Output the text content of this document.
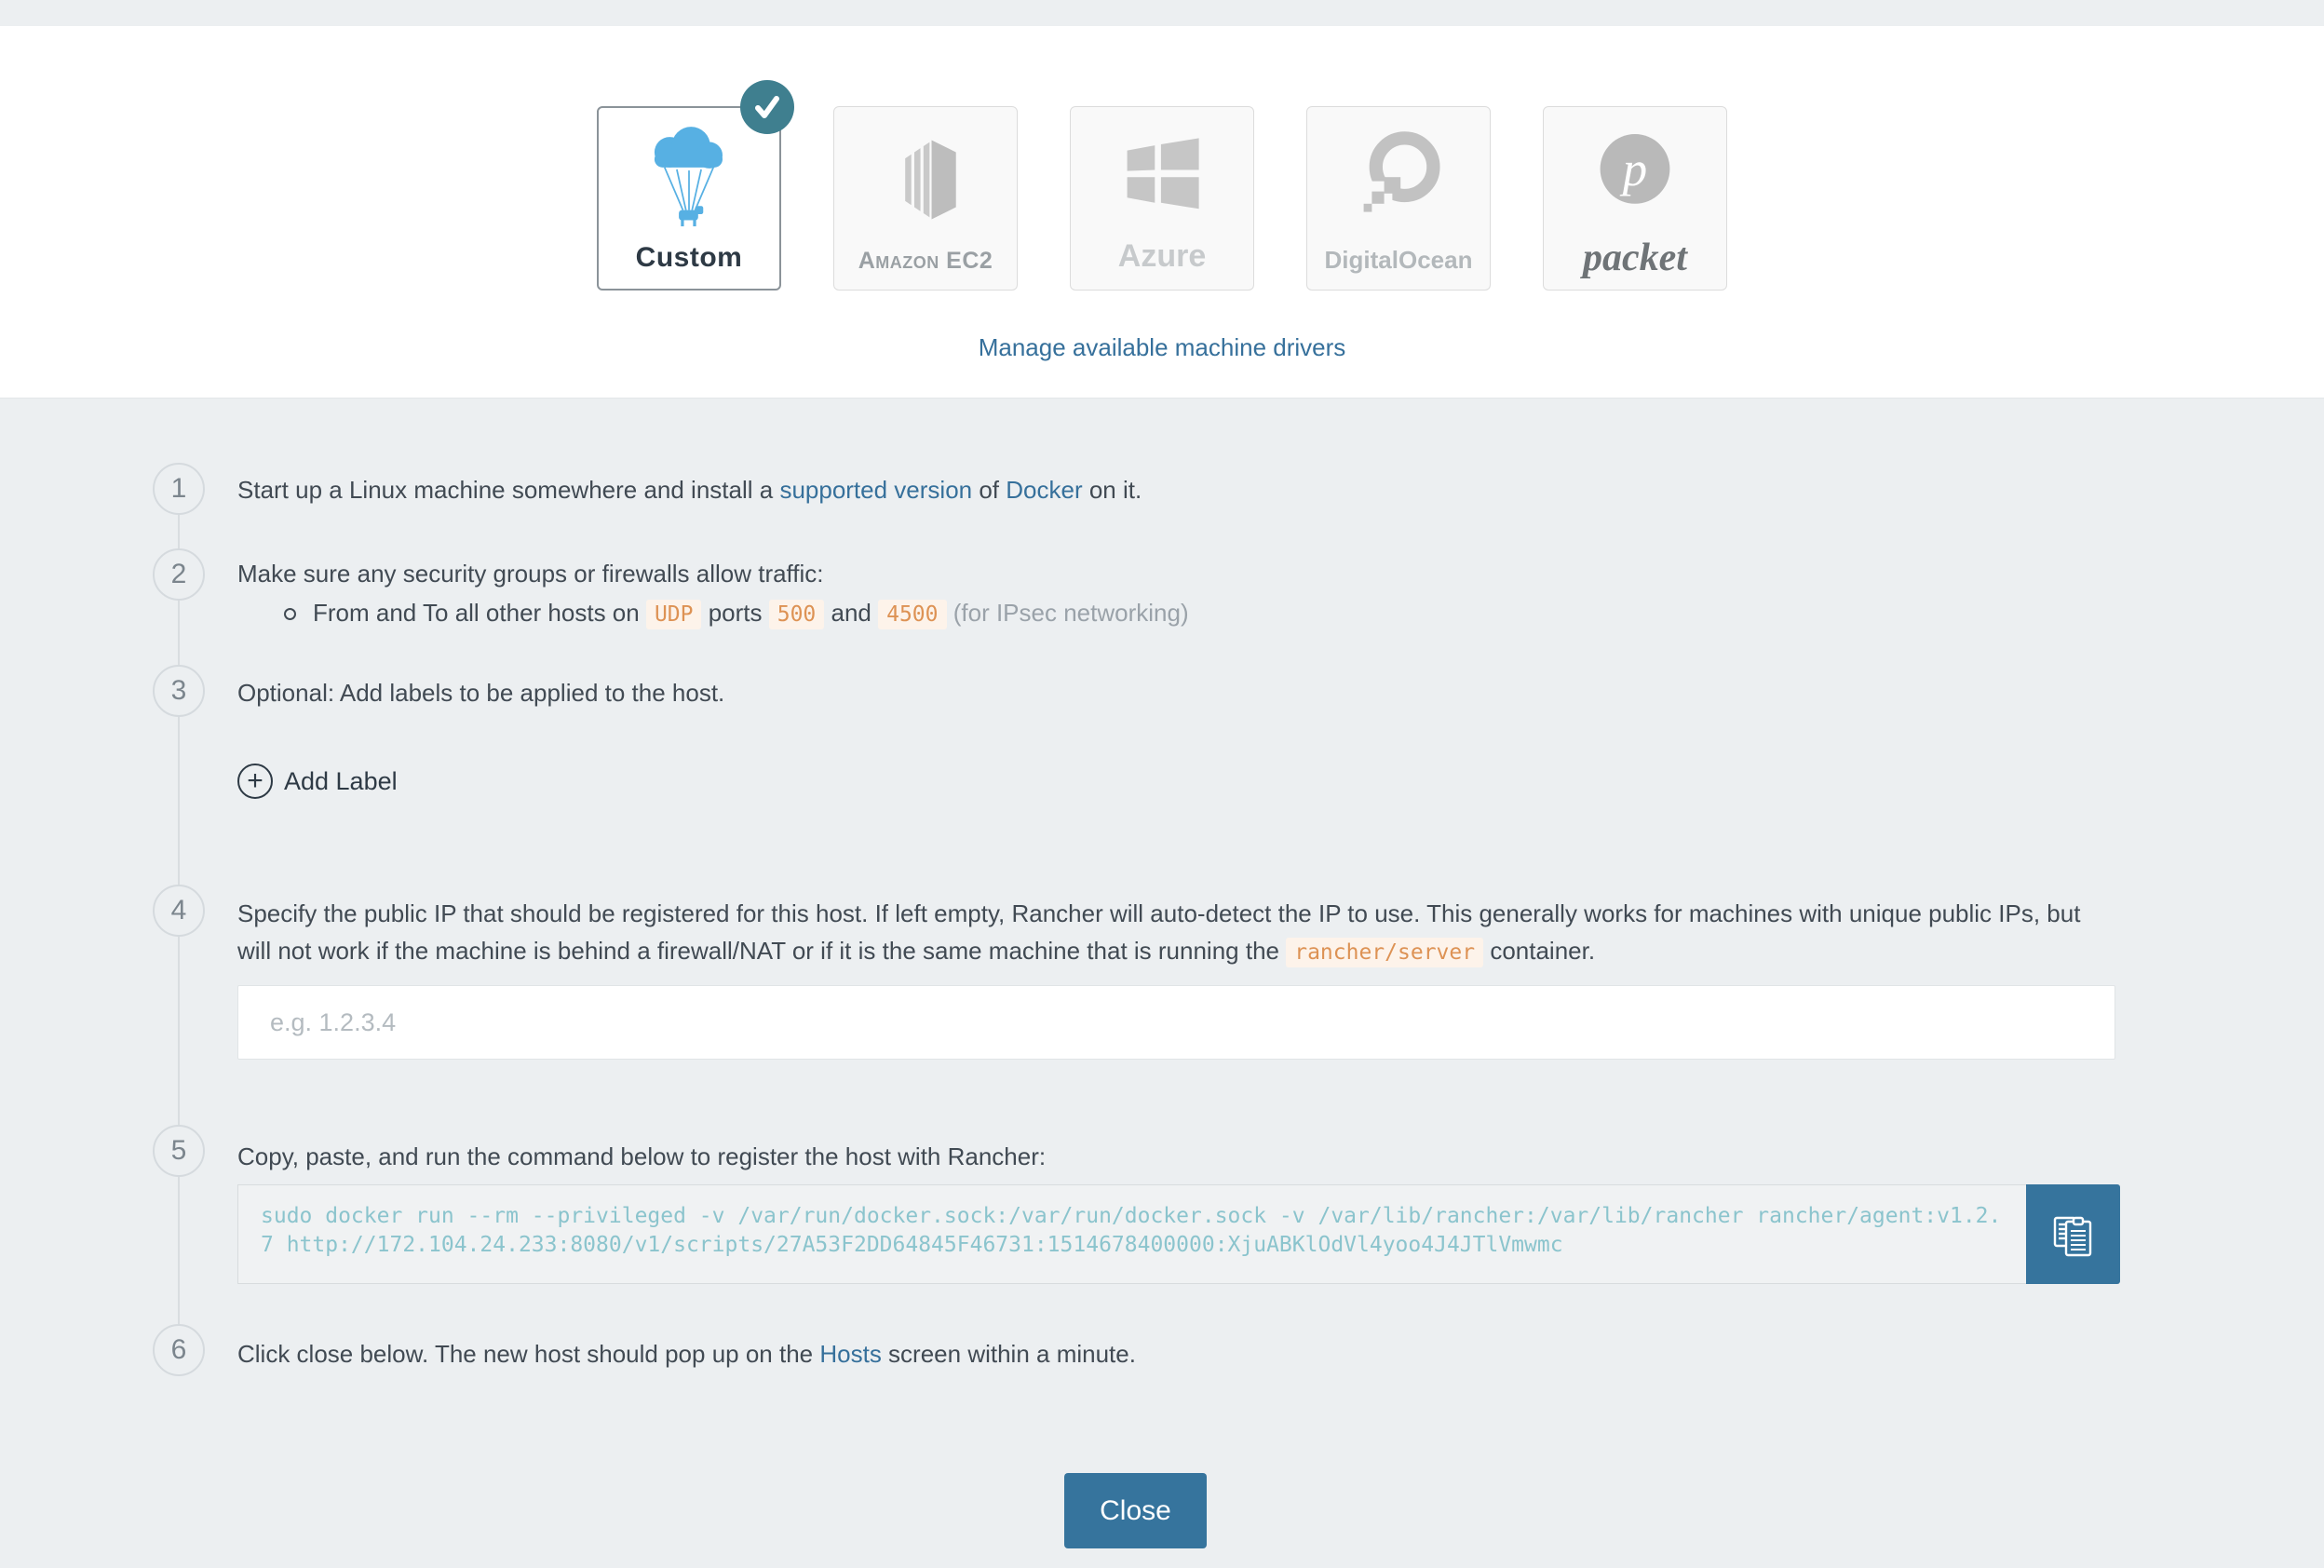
Custom	Amazon EC2	Azure	DigitalOcean
p
packet
Manage available machine drivers
1 Start up a Linux machine somewhere and install a supported version of Docker on it.
2 Make sure any security groups or firewalls allow traffic:
From and To all other hosts on UDP ports 500 and 4500 (for IPsec networking)
3 Optional: Add labels to be applied to the host.
+ Add Label
4 Specify the public IP that should be registered for this host. If left empty, Rancher will auto-detect the IP to use. This generally works for machines with unique public IPs, but will not work if the machine is behind a firewall/NAT or if it is the same machine that is running the rancher/server container.
e.g. 1.2.3.4
5 Copy, paste, and run the command below to register the host with Rancher:
sudo docker run --rm --privileged -v /var/run/docker.sock:/var/run/docker.sock -v /var/lib/rancher:/var/lib/rancher rancher/agent:v1.2.7 http://172.104.24.233:8080/v1/scripts/27A53F2DD64845F46731:1514678400000:XjuABKlOdVl4yoo4J4JTlVmwmc
6 Click close below. The new host should pop up on the Hosts screen within a minute.
Close
